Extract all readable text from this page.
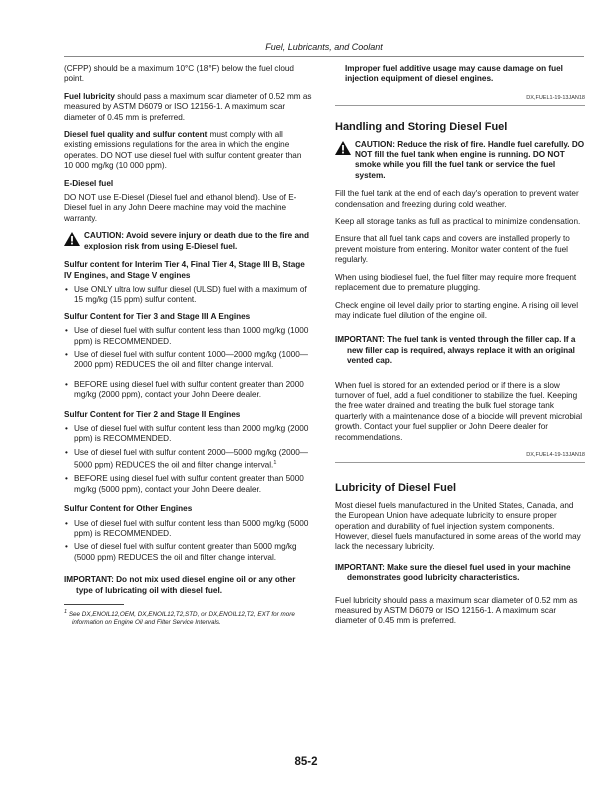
Fuel, Lubricants, and Coolant

(CFPP) should be a maximum 10°C (18°F) below the fuel cloud point.

Fuel lubricity should pass a maximum scar diameter of 0.52 mm as measured by ASTM D6079 or ISO 12156-1. A maximum scar diameter of 0.45 mm is preferred.

Diesel fuel quality and sulfur content must comply with all existing emissions regulations for the area in which the engine operates. DO NOT use diesel fuel with sulfur content greater than 10 000 mg/kg (10 000 ppm).

E-Diesel fuel

DO NOT use E-Diesel (Diesel fuel and ethanol blend). Use of E-Diesel fuel in any John Deere machine may void the machine warranty.

CAUTION: Avoid severe injury or death due to the fire and explosion risk from using E-Diesel fuel.

Sulfur content for Interim Tier 4, Final Tier 4, Stage III B, Stage IV Engines, and Stage V engines

• Use ONLY ultra low sulfur diesel (ULSD) fuel with a maximum of 15 mg/kg (15 ppm) sulfur content.

Sulfur Content for Tier 3 and Stage III A Engines

• Use of diesel fuel with sulfur content less than 1000 mg/kg (1000 ppm) is RECOMMENDED.
• Use of diesel fuel with sulfur content 1000—2000 mg/kg (1000—2000 ppm) REDUCES the oil and filter change interval.
• BEFORE using diesel fuel with sulfur content greater than 2000 mg/kg (2000 ppm), contact your John Deere dealer.

Sulfur Content for Tier 2 and Stage II Engines

• Use of diesel fuel with sulfur content less than 2000 mg/kg (2000 ppm) is RECOMMENDED.
• Use of diesel fuel with sulfur content 2000—5000 mg/kg (2000—5000 ppm) REDUCES the oil and filter change interval.$^1$
• BEFORE using diesel fuel with sulfur content greater than 5000 mg/kg (5000 ppm), contact your John Deere dealer.

Sulfur Content for Other Engines

• Use of diesel fuel with sulfur content less than 5000 mg/kg (5000 ppm) is RECOMMENDED.
• Use of diesel fuel with sulfur content greater than 5000 mg/kg (5000 ppm) REDUCES the oil and filter change interval.

IMPORTANT: Do not mix used diesel engine oil or any other type of lubricating oil with diesel fuel.

$^1$ See DX,ENOIL12,OEM, DX,ENOIL12,T2,STD, or DX,ENOIL12,T2, EXT for more information on Engine Oil and Filter Service Intervals.

Improper fuel additive usage may cause damage on fuel injection equipment of diesel engines.

DX,FUEL1-19-13JAN18
Handling and Storing Diesel Fuel
CAUTION: Reduce the risk of fire. Handle fuel carefully. DO NOT fill the fuel tank when engine is running. DO NOT smoke while you fill the fuel tank or service the fuel system.

Fill the fuel tank at the end of each day's operation to prevent water condensation and freezing during cold weather.

Keep all storage tanks as full as practical to minimize condensation.

Ensure that all fuel tank caps and covers are installed properly to prevent moisture from entering. Monitor water content of the fuel regularly.

When using biodiesel fuel, the fuel filter may require more frequent replacement due to premature plugging.

Check engine oil level daily prior to starting engine. A rising oil level may indicate fuel dilution of the engine oil.

IMPORTANT: The fuel tank is vented through the filler cap. If a new filler cap is required, always replace it with an original vented cap.

When fuel is stored for an extended period or if there is a slow turnover of fuel, add a fuel conditioner to stabilize the fuel. Keeping the free water drained and treating the bulk fuel storage tank quarterly with a maintenance dose of a biocide will prevent microbial growth. Contact your fuel supplier or John Deere dealer for recommendations.

DX,FUEL4-19-13JAN18
Lubricity of Diesel Fuel

Most diesel fuels manufactured in the United States, Canada, and the European Union have adequate lubricity to ensure proper operation and durability of fuel injection system components. However, diesel fuels manufactured in some areas of the world may lack the necessary lubricity.

IMPORTANT: Make sure the diesel fuel used in your machine demonstrates good lubricity characteristics.

Fuel lubricity should pass a maximum scar diameter of 0.52 mm as measured by ASTM D6079 or ISO 12156-1. A maximum scar diameter of 0.45 mm is preferred.

85-2
